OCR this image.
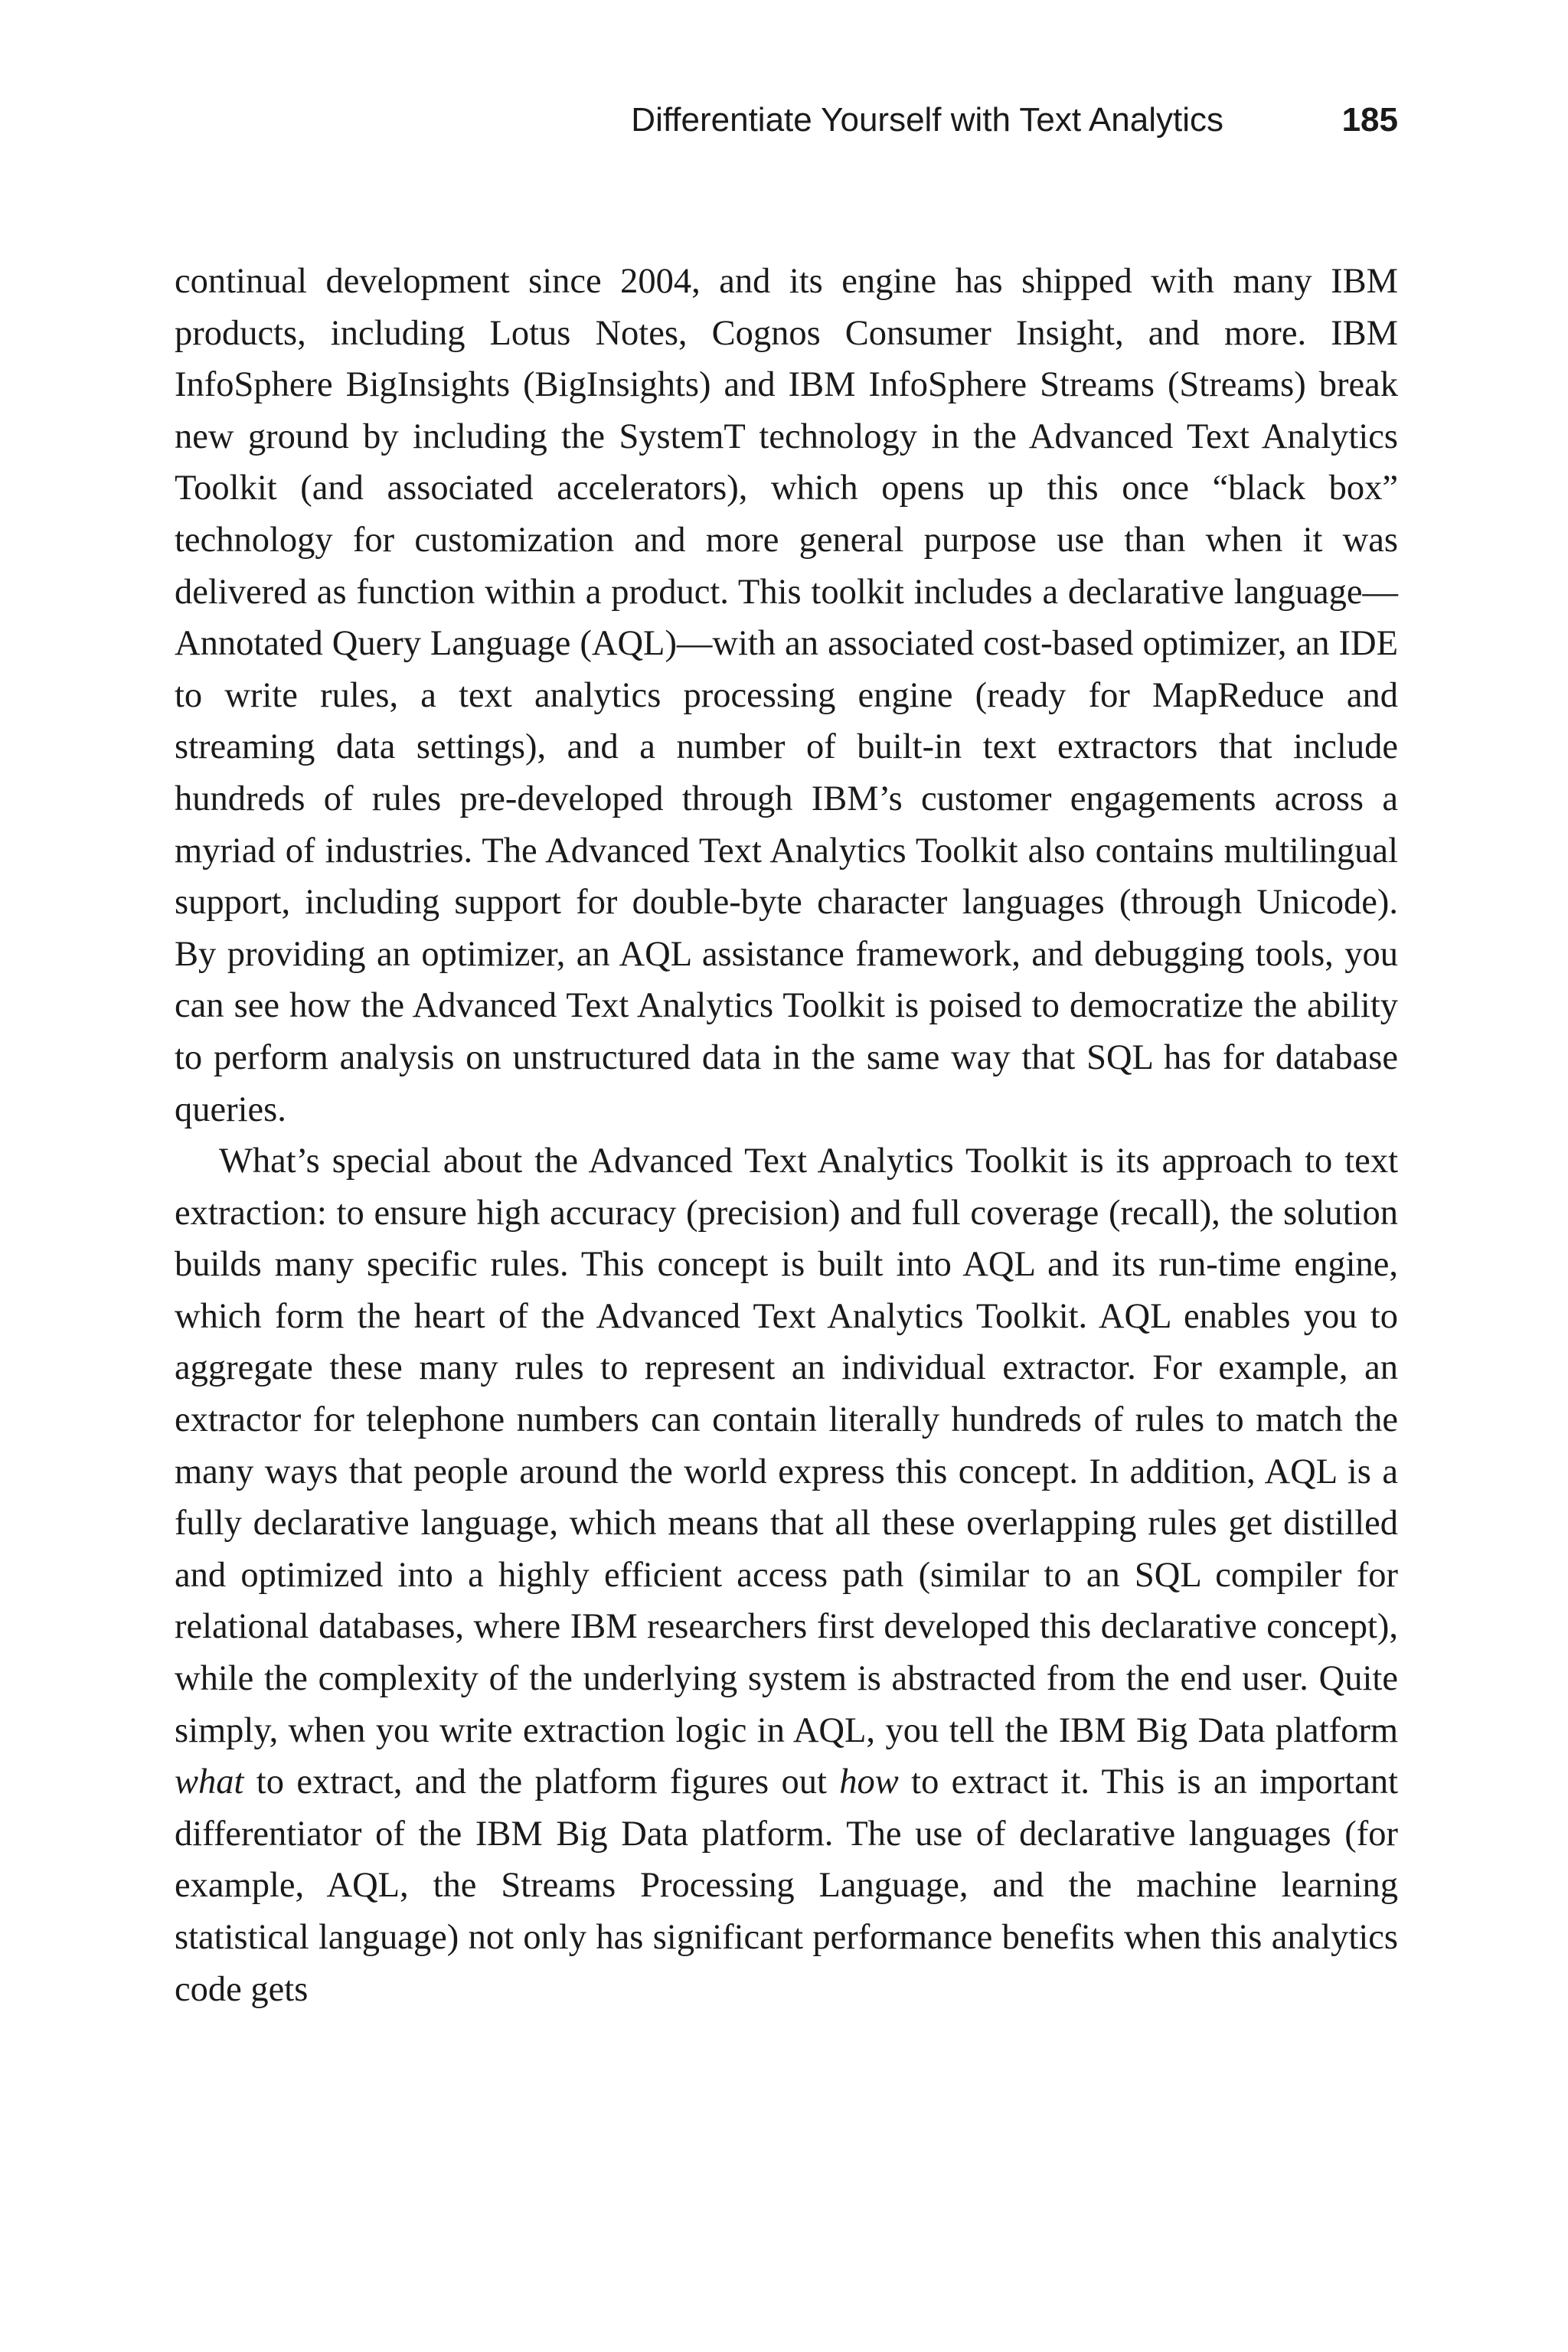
Differentiate Yourself with Text Analytics	185

continual development since 2004, and its engine has shipped with many IBM products, including Lotus Notes, Cognos Consumer Insight, and more. IBM InfoSphere BigInsights (BigInsights) and IBM InfoSphere Streams (Streams) break new ground by including the SystemT technology in the Advanced Text Analytics Toolkit (and associated accelerators), which opens up this once “black box” technology for customization and more general purpose use than when it was delivered as function within a product. This toolkit includes a declarative language—Annotated Query Language (AQL)—with an associated cost-based optimizer, an IDE to write rules, a text analytics processing engine (ready for MapReduce and streaming data settings), and a number of built-in text extractors that include hundreds of rules pre-developed through IBM’s customer engagements across a myriad of industries. The Advanced Text Analytics Toolkit also contains multilingual support, including support for double-byte character languages (through Unicode). By providing an optimizer, an AQL assistance framework, and debugging tools, you can see how the Advanced Text Analytics Toolkit is poised to democratize the ability to perform analysis on unstructured data in the same way that SQL has for database queries.

What’s special about the Advanced Text Analytics Toolkit is its approach to text extraction: to ensure high accuracy (precision) and full coverage (recall), the solution builds many specific rules. This concept is built into AQL and its run-time engine, which form the heart of the Advanced Text Analytics Toolkit. AQL enables you to aggregate these many rules to represent an individual extractor. For example, an extractor for telephone numbers can contain literally hundreds of rules to match the many ways that people around the world express this concept. In addition, AQL is a fully declarative language, which means that all these overlapping rules get distilled and optimized into a highly efficient access path (similar to an SQL compiler for relational databases, where IBM researchers first developed this declarative concept), while the complexity of the underlying system is abstracted from the end user. Quite simply, when you write extraction logic in AQL, you tell the IBM Big Data platform what to extract, and the platform figures out how to extract it. This is an important differentiator of the IBM Big Data platform. The use of declarative languages (for example, AQL, the Streams Processing Language, and the machine learning statistical language) not only has significant performance benefits when this analytics code gets
